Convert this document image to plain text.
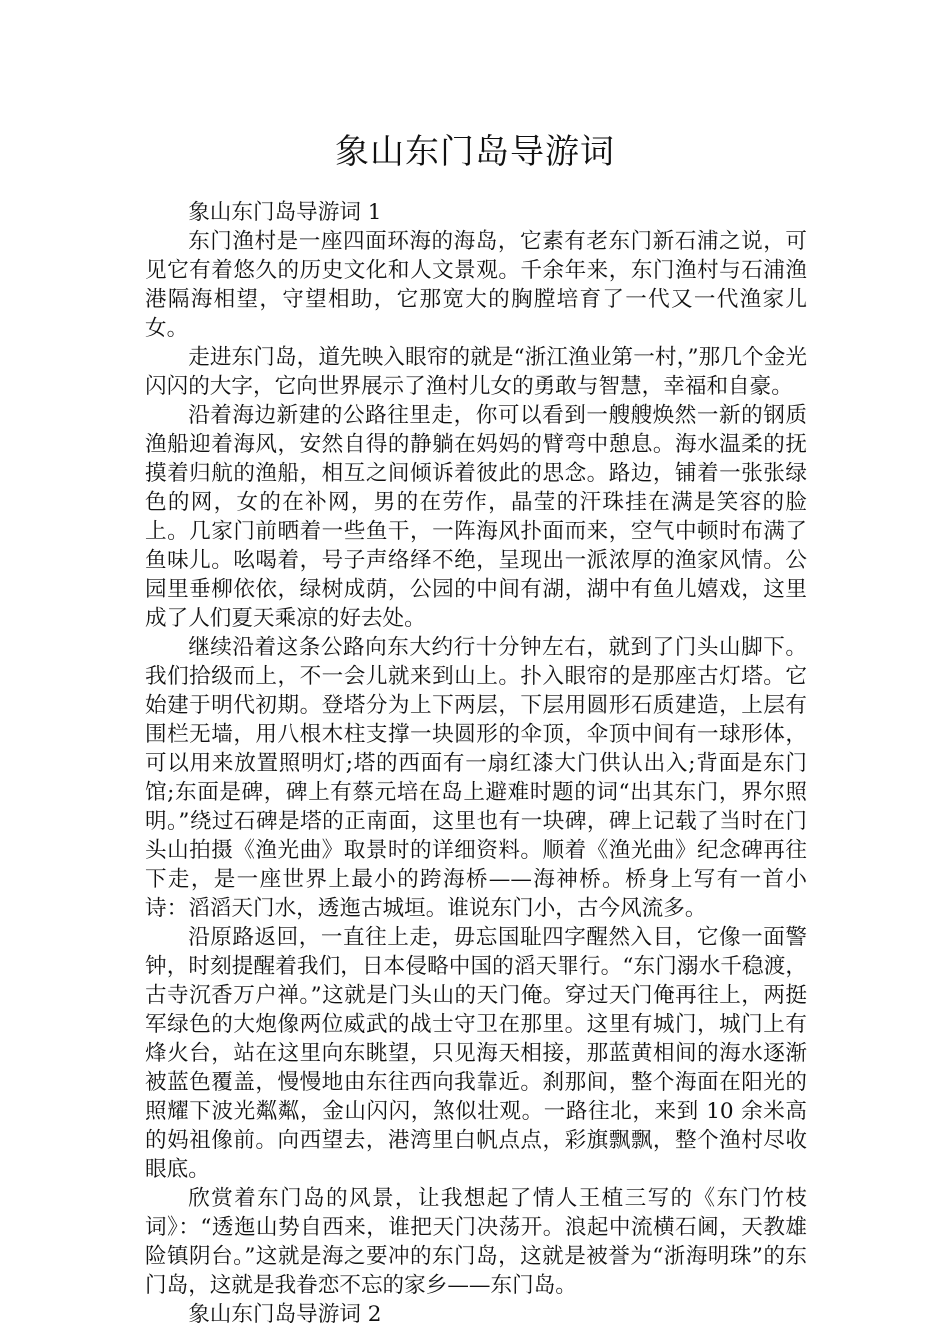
象山东门岛导游词

象山东门岛导游词 1

东门渔村是一座四面环海的海岛，它素有老东门新石浦之说，可见它有着悠久的历史文化和人文景观。千余年来，东门渔村与石浦渔港隔海相望，守望相助，它那宽大的胸膛培育了一代又一代渔家儿女。

走进东门岛，道先映入眼帘的就是“浙江渔业第一村，”那几个金光闪闪的大字，它向世界展示了渔村儿女的勇敢与智慧，幸福和自豪。

沿着海边新建的公路往里走，你可以看到一艘艘焕然一新的钢质渔船迎着海风，安然自得的静躺在妈妈的臂弯中憩息。海水温柔的抚摸着归航的渔船，相互之间倾诉着彼此的思念。路边，铺着一张张绿色的网，女的在补网，男的在劳作，晶莹的汗珠挂在满是笑容的脸上。几家门前晒着一些鱼干，一阵海风扑面而来，空气中顿时布满了鱼味儿。吆喝着，号子声络绎不绝，呈现出一派浓厚的渔家风情。公园里垂柳依依，绿树成荫，公园的中间有湖，湖中有鱼儿嬉戏，这里成了人们夏天乘凉的好去处。

继续沿着这条公路向东大约行十分钟左右，就到了门头山脚下。我们拾级而上，不一会儿就来到山上。扑入眼帘的是那座古灯塔。它始建于明代初期。登塔分为上下两层，下层用圆形石质建造，上层有围栏无墙，用八根木柱支撑一块圆形的伞顶，伞顶中间有一球形体，可以用来放置照明灯;塔的西面有一扇红漆大门供认出入;背面是东门馆;东面是碑，碑上有蔡元培在岛上避难时题的词“出其东门，界尔照明。”绕过石碑是塔的正南面，这里也有一块碑，碑上记载了当时在门头山拍摄《渔光曲》取景时的详细资料。顺着《渔光曲》纪念碑再往下走，是一座世界上最小的跨海桥——海神桥。桥身上写有一首小诗：滔滔天门水，透迤古城垣。谁说东门小，古今风流多。

沿原路返回，一直往上走，毋忘国耻四字醒然入目，它像一面警钟，时刻提醒着我们，日本侵略中国的滔天罪行。“东门溺水千稳渡，古寺沉香万户禅。”这就是门头山的天门俺。穿过天门俺再往上，两挺军绿色的大炮像两位威武的战士守卫在那里。这里有城门，城门上有烽火台，站在这里向东眺望，只见海天相接，那蓝黄相间的海水逐渐被蓝色覆盖，慢慢地由东往西向我靠近。刹那间，整个海面在阳光的照耀下波光粼粼，金山闪闪，煞似壮观。一路往北，来到 10 余米高的妈祖像前。向西望去，港湾里白帆点点，彩旗飘飘，整个渔村尽收眼底。

欣赏着东门岛的风景，让我想起了情人王植三写的《东门竹枝词》：“透迤山势自西来，谁把天门决荡开。浪起中流横石阃，天教雄险镇阴台。”这就是海之要冲的东门岛，这就是被誉为“浙海明珠”的东门岛，这就是我眷恋不忘的家乡——东门岛。

象山东门岛导游词 2
